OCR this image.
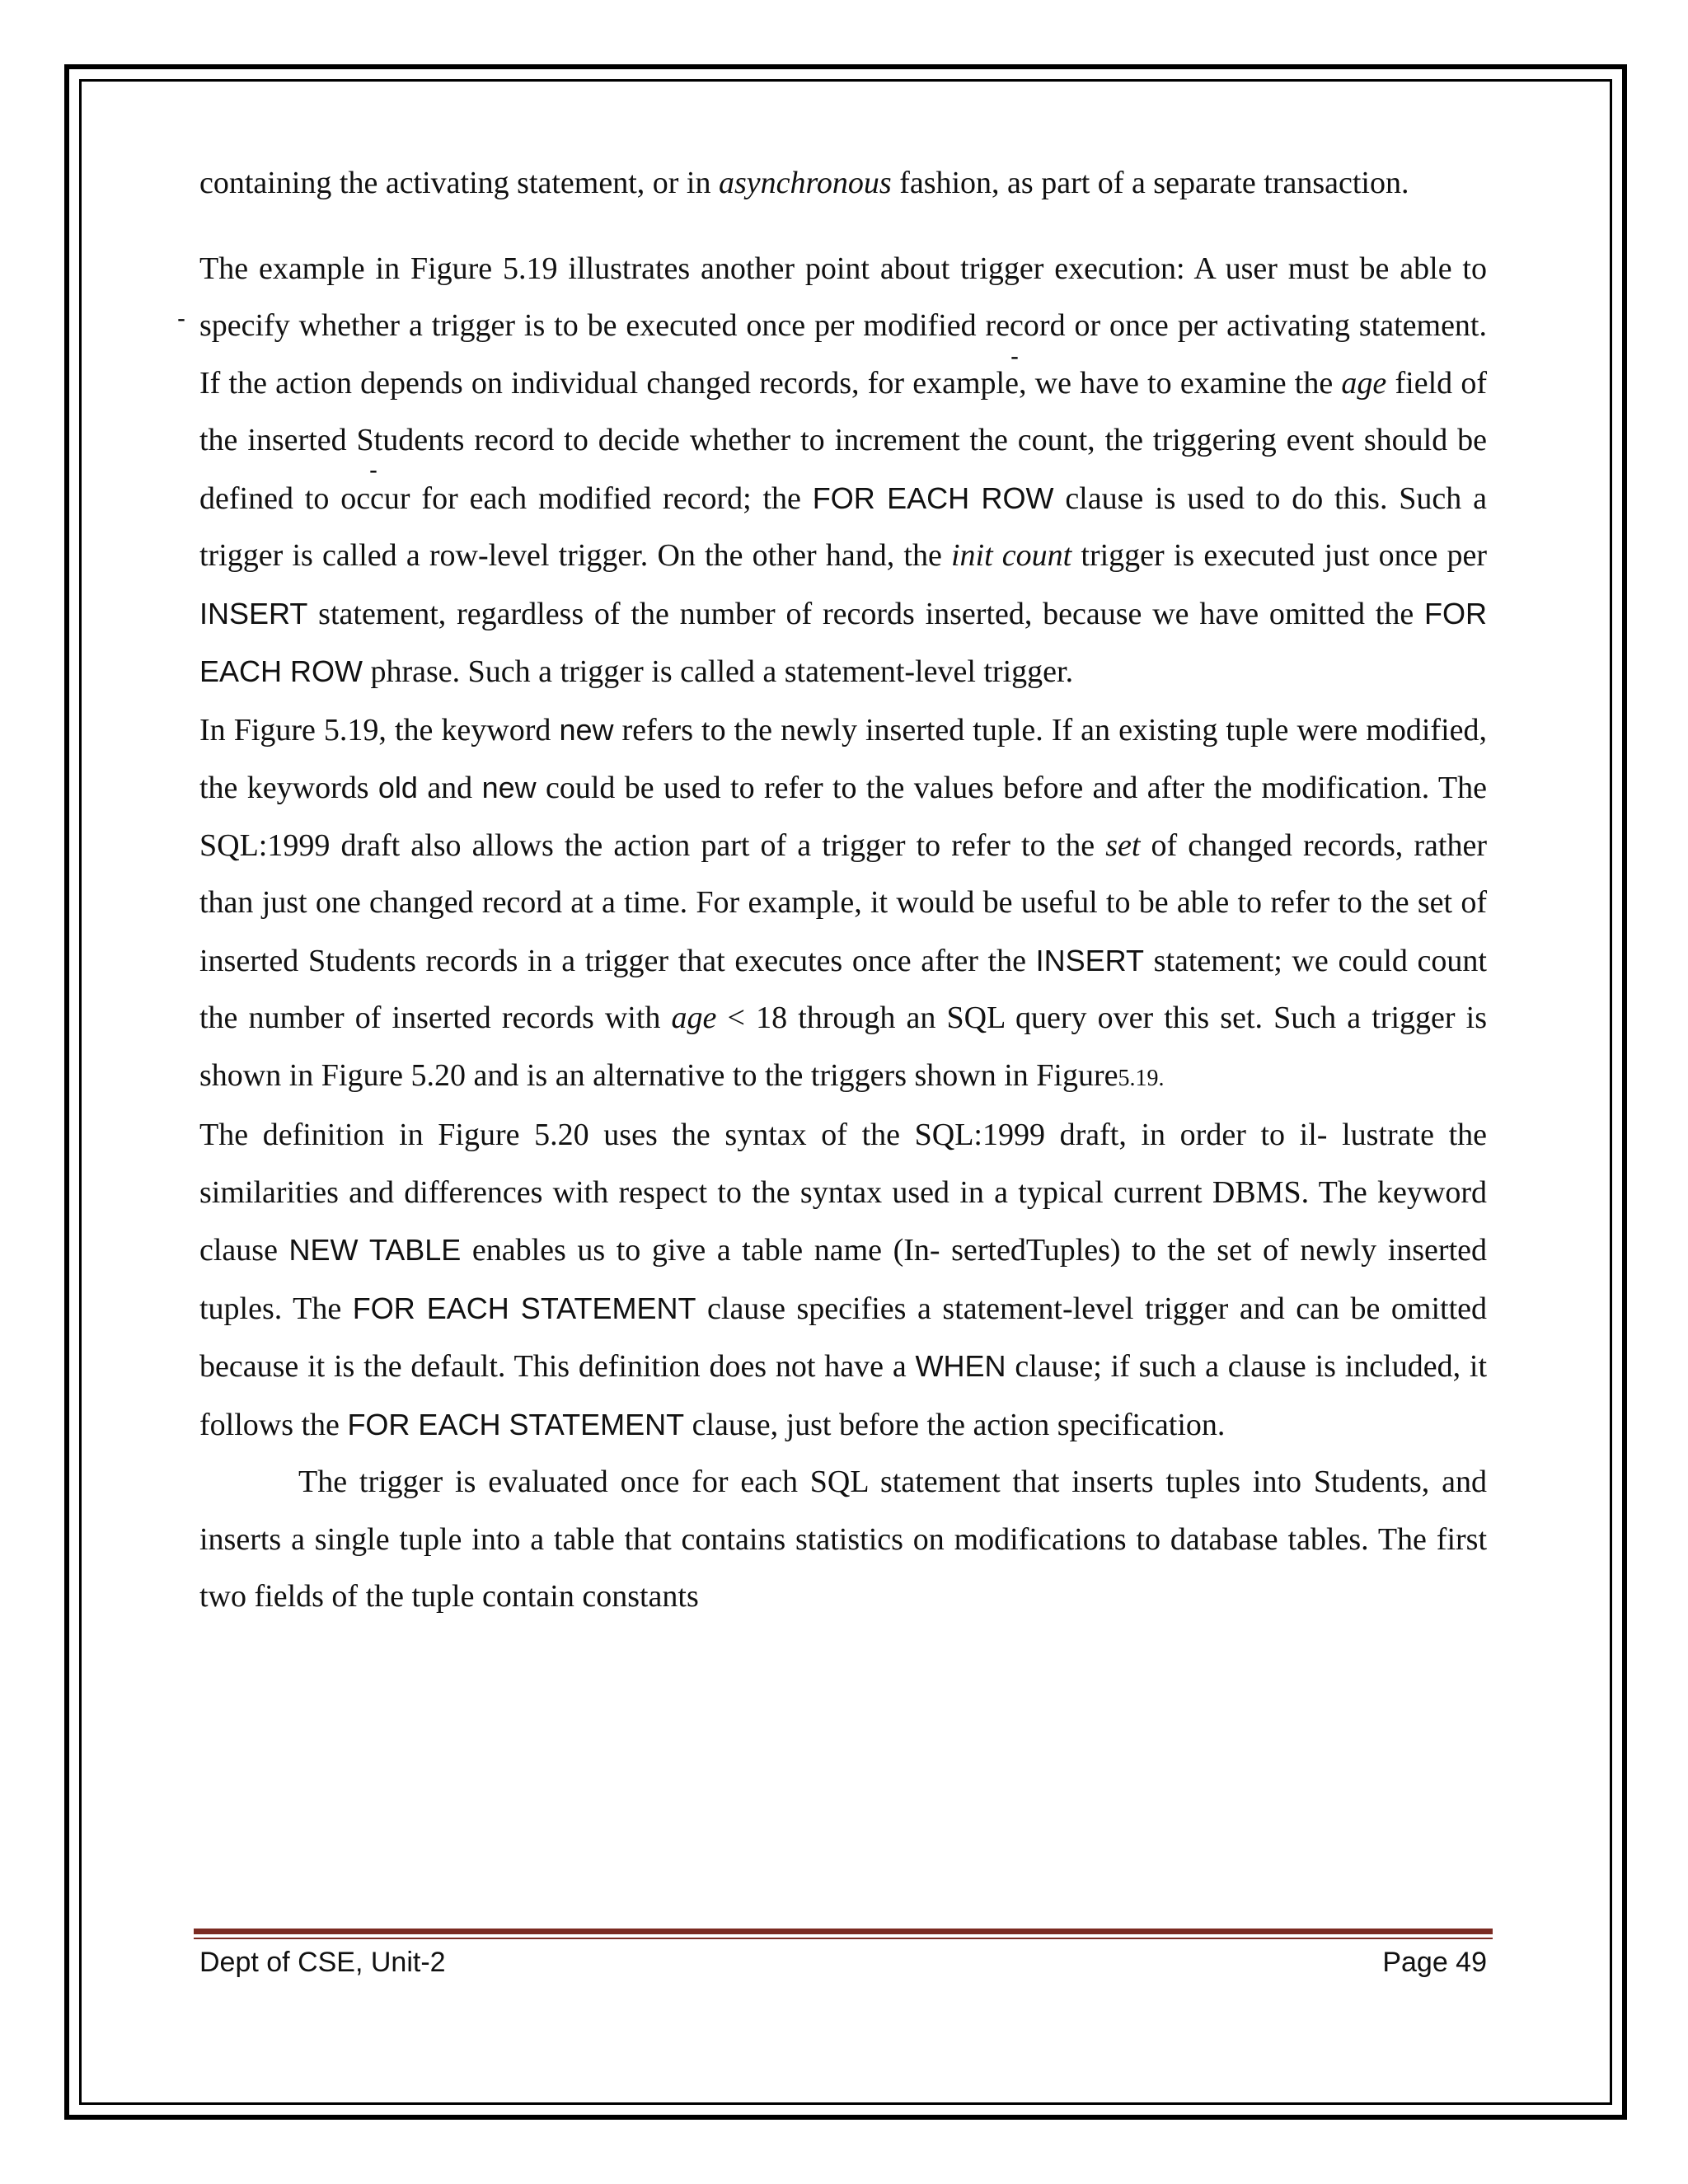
-
-
-

containing the activating statement, or in asynchronous fashion, as part of a separate transaction.

The example in Figure 5.19 illustrates another point about trigger execution: A user must be able to specify whether a trigger is to be executed once per modified record or once per activating statement. If the action depends on individual changed records, for example, we have to examine the age field of the inserted Students record to decide whether to increment the count, the triggering event should be defined to occur for each modified record; the FOR EACH ROW clause is used to do this. Such a trigger is called a row-level trigger. On the other hand, the init count trigger is executed just once per INSERT statement, regardless of the number of records inserted, because we have omitted the FOR EACH ROW phrase. Such a trigger is called a statement-level trigger.

In Figure 5.19, the keyword new refers to the newly inserted tuple. If an existing tuple were modified, the keywords old and new could be used to refer to the values before and after the modification. The SQL:1999 draft also allows the action part of a trigger to refer to the set of changed records, rather than just one changed record at a time. For example, it would be useful to be able to refer to the set of inserted Students records in a trigger that executes once after the INSERT statement; we could count the number of inserted records with age < 18 through an SQL query over this set. Such a trigger is shown in Figure 5.20 and is an alternative to the triggers shown in Figure5.19.

The definition in Figure 5.20 uses the syntax of the SQL:1999 draft, in order to il- lustrate the similarities and differences with respect to the syntax used in a typical current DBMS. The keyword clause NEW TABLE enables us to give a table name (In- sertedTuples) to the set of newly inserted tuples. The FOR EACH STATEMENT clause specifies a statement-level trigger and can be omitted because it is the default. This definition does not have a WHEN clause; if such a clause is included, it follows the FOR EACH STATEMENT clause, just before the action specification.

The trigger is evaluated once for each SQL statement that inserts tuples into Students, and inserts a single tuple into a table that contains statistics on modifications to database tables. The first two fields of the tuple contain constants

Dept of CSE, Unit-2	Page 49
